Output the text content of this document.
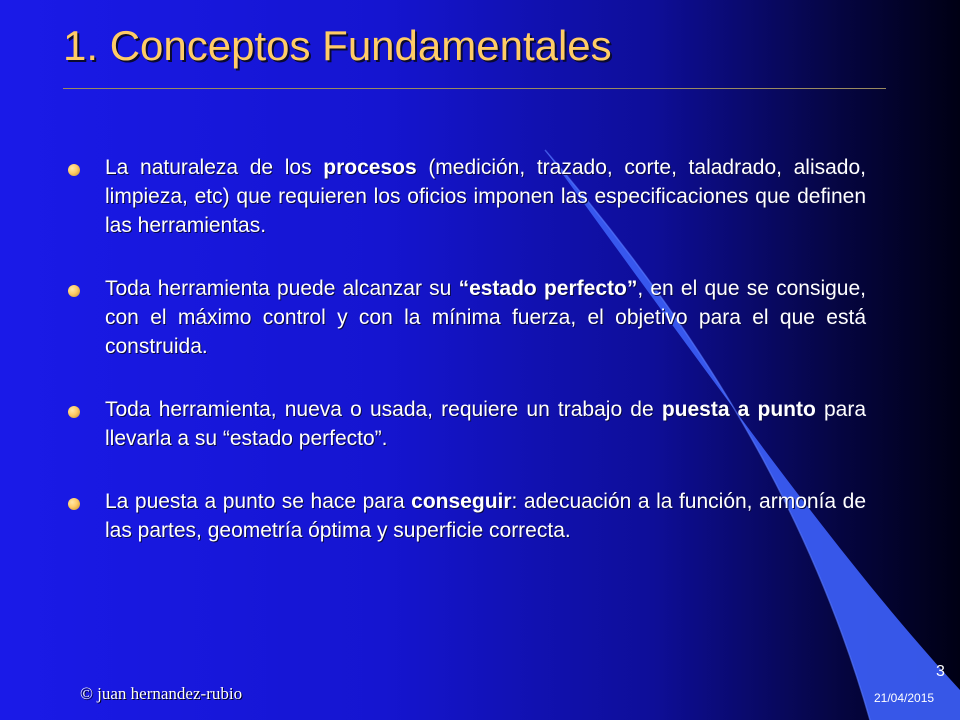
1. Conceptos Fundamentales
La naturaleza de los procesos (medición, trazado, corte, taladrado, alisado, limpieza, etc) que requieren los oficios imponen las especificaciones que definen las herramientas.
Toda herramienta puede alcanzar su “estado perfecto”, en el que se consigue, con el máximo control y con la mínima fuerza, el objetivo para el que está construida.
Toda herramienta, nueva o usada, requiere un trabajo de puesta a punto para llevarla a su “estado perfecto”.
La puesta a punto se hace para conseguir: adecuación a la función, armonía de las partes, geometría óptima y superficie correcta.
© juan hernandez-rubio
3
21/04/2015
